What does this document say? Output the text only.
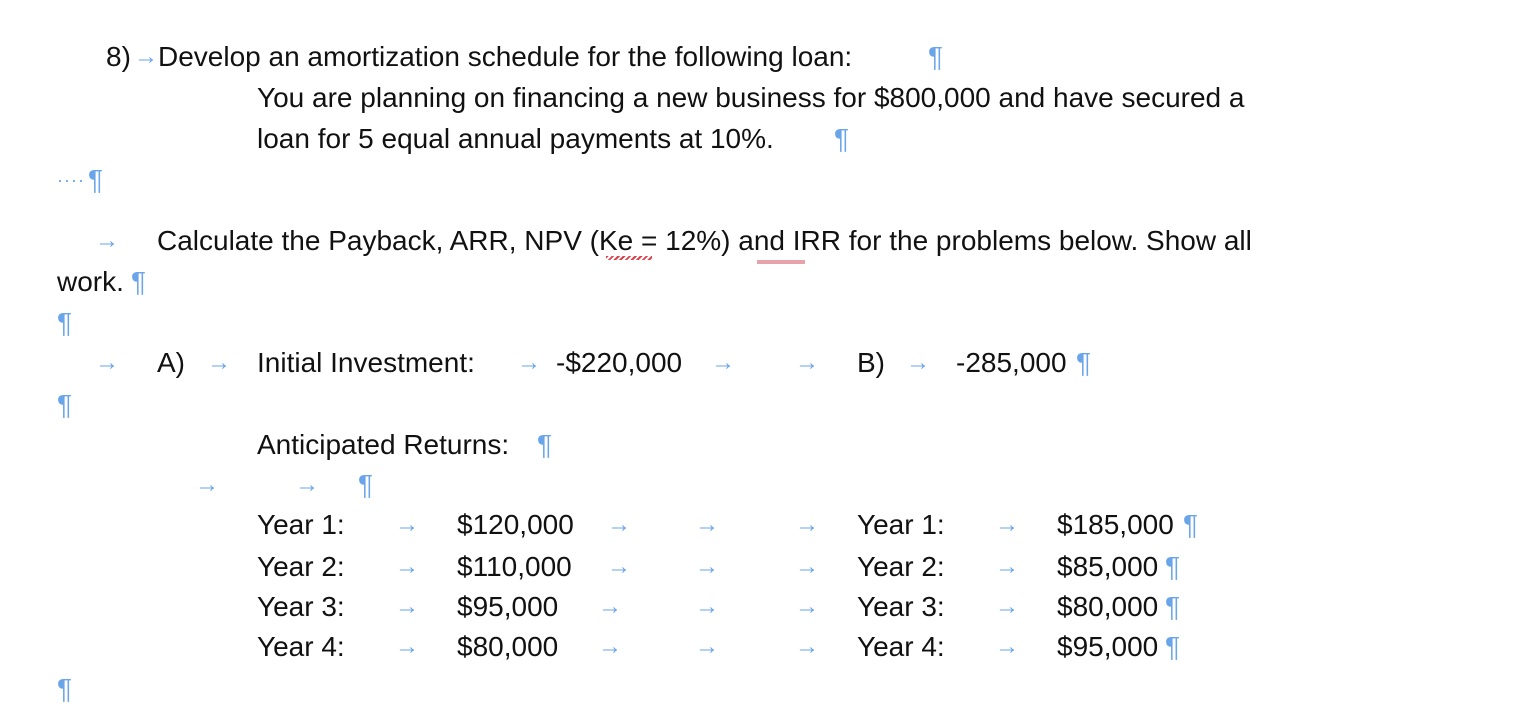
8) → Develop an amortization schedule for the following loan:	¶
You are planning on financing a new business for $800,000 and have secured a
loan for 5 equal annual payments at 10%. ¶
···· ¶
→ Calculate the Payback, ARR, NPV (Ke = 12%) and IRR for the problems below. Show all
work. ¶
¶
→ A) → Initial Investment: → -$220,000 →	→ B) → -285,000 ¶
¶
Anticipated Returns: ¶
→	→ ¶
Year 1: → $120,000 →	→	→ Year 1: → $185,000 ¶
Year 2: → $110,000 →	→	→ Year 2: → $85,000 ¶
Year 3: → $95,000 →	→	→ Year 3: → $80,000 ¶
Year 4: → $80,000 →	→	→ Year 4: → $95,000 ¶
¶
